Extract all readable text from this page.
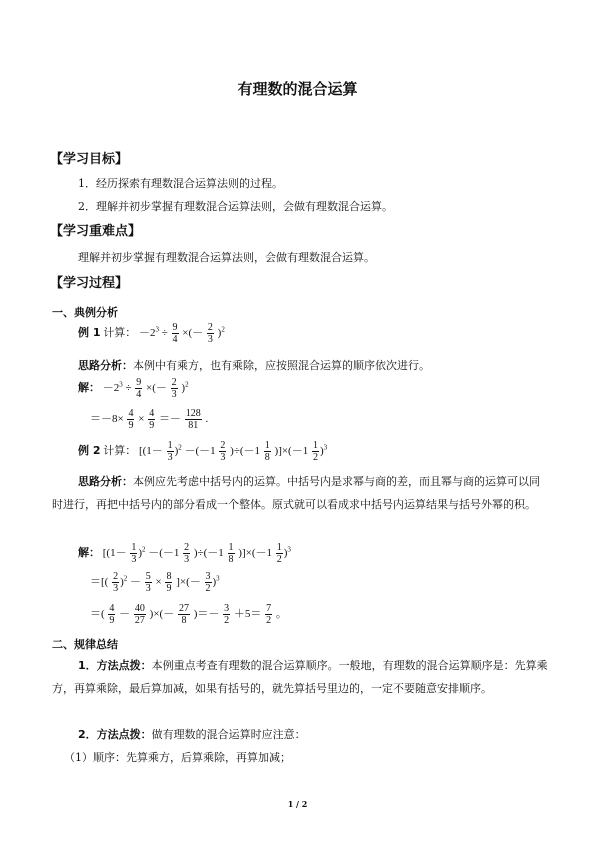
有理数的混合运算
【学习目标】
1．经历探索有理数混合运算法则的过程。
2．理解并初步掌握有理数混合运算法则，会做有理数混合运算。
【学习重难点】
理解并初步掌握有理数混合运算法则，会做有理数混合运算。
【学习过程】
一、典例分析
例 1 计算： $-2^3 \div \frac{9}{4}$ ×(－ $\frac{2}{3} )^2$
思路分析：本例中有乘方，也有乘除，应按照混合运算的顺序依次进行。
解： $-2^3 \div \frac{9}{4}$ ×(－ $\frac{2}{3} )^2$
$=-8\times \frac{4}{9} \times \frac{4}{9} =- \frac{128}{81}$ .
例 2 计算： $[(1- \frac{1}{3} )^2 -(-1 \frac{2}{3} )\div(-1 \frac{1}{8} )]\times(-1 \frac{1}{2} )^3$
思路分析：本例应先考虑中括号内的运算。中括号内是求幂与商的差，而且幂与商的运算可以同时进行，再把中括号内的部分看成一个整体。原式就可以看成求中括号内运算结果与括号外幂的积。
解： $[(1- \frac{1}{3} )^2 -(-1 \frac{2}{3} )\div(-1 \frac{1}{8} )]\times(-1 \frac{1}{2} )^3$
＝[( $\frac{2}{3} )^2 - \frac{5}{3} \times \frac{8}{9}$ ]×(－ $\frac{3}{2} )^3$
＝( $\frac{4}{9} - \frac{40}{27}$ )×(－ $\frac{27}{8}$ )＝－ $\frac{3}{2} +5= \frac{7}{2}$ 。
二、规律总结
1．方法点拨：本例重点考查有理数的混合运算顺序。一般地，有理数的混合运算顺序是：先算乘方，再算乘除，最后算加减，如果有括号的，就先算括号里边的，一定不要随意安排顺序。
2．方法点拨：做有理数的混合运算时应注意：
（1）顺序：先算乘方，后算乘除，再算加减；
1 / 2
